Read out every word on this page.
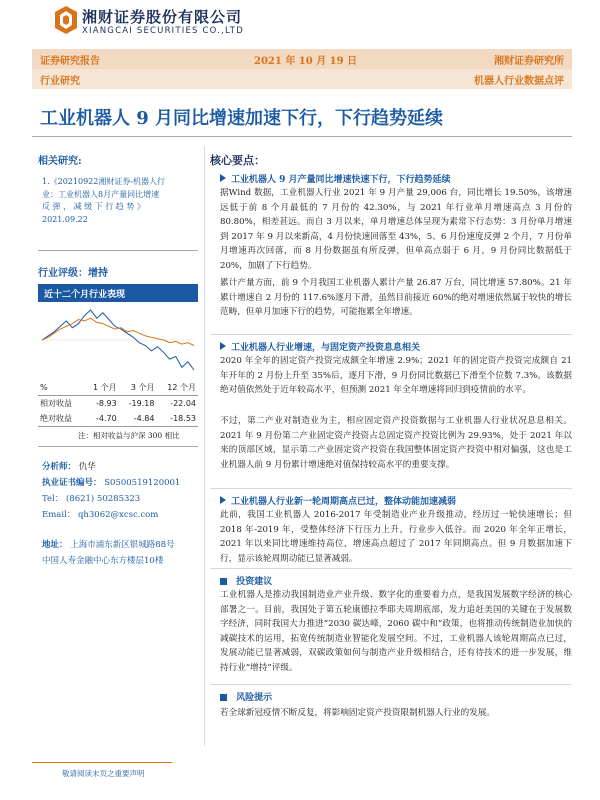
湘财证券股份有限公司
XIANGCAI SECURITIES CO.,LTD
证券研究报告	2021 年 10 月 19 日	湘财证券研究所
行业研究	机器人行业数据点评
工业机器人 9 月同比增速加速下行，下行趋势延续
相关研究:

1.《20210922湘财证券-机器人行

业：工业机器人8月产量同比增速

反 弹 ， 减 缓 下 行 趋 势 》

2021.09.22

行业评级：增持
近十二个月行业表现
%	1 个月	3 个月	12 个月
相对收益	-8.93	-19.18	-22.04
绝对收益	-4.70	-4.84	-18.53
注：相对收益与沪深 300 相比
分析师： 仇华
执业证书编号： S0500519120001
Tel： (8621) 50285323
Email： qh3062@xcsc.com
地址： 上海市浦东新区银城路88号
中国人寿金融中心东方楼层10楼
核心要点：
工业机器人 9 月产量同比增速快速下行，下行趋势延续

据Wind 数据，工业机器人行业 2021 年 9 月产量 29,006 台，同比增长 19.50%，该增速远低于前 8 个月最低的 7 月份的 42.30%，与 2021 年行业单月增速高点 3 月份的 80.80%，相差甚远。而自 3 月以来，单月增速总体呈现为素常下行态势：3 月份单月增速到 2017 年 9 月以来新高，4 月份快速回落至 43%，5、6 月份速度反弹 2 个月，7 月份单月增速再次回落，而 8 月份数据虽有所反弹，但单高点弱于 6 月，9 月份同比数据低于 20%，加剧了下行趋势。

累计产量方面，前 9 个月我国工业机器人累计产量 26.87 万台，同比增速 57.80%。21 年累计增速自 2 月份的 117.6%逐月下滑，虽然目前接近 60%的绝对增速依然属于较快的增长范畴，但单月加速下行的趋势，可能拖累全年增速。

工业机器人行业增速，与固定资产投资息息相关

2020 年全年的固定资产投资完成额全年增速 2.9%；2021 年的固定资产投资完成额自 21 年开年的 2 月份上升至 35%后，逐月下滑，9 月份同比数据已下滑至个位数 7.3%。该数据绝对值依然处于近年较高水平，但预测 2021 年全年增速将回归到疫情前的水平。

不过，第二产业对制造业为主，相应固定资产投资数据与工业机器人行业状况息息相关。2021 年 9 月份第二产业固定资产投资占总固定资产投资比例为 29.93%，处于 2021 年以来的顶部区域，显示第二产业固定资产投资在我国整体固定资产投资中相对偏强，这也是工业机器人前 9 月份累计增速绝对值保持较高水平的重要支撑。

工业机器人行业新一轮周期高点已过，整体动能加速减弱

此前，我国工业机器人 2016-2017 年受制造业产业升级推动，经历过一轮快速增长；但 2018 年-2019 年，受整体经济下行压力上升，行业步入低谷。而 2020 年全年正增长，2021 年以来同比增速维持高位，增速高点超过了 2017 年同期高点。但 9 月数据加速下行，显示该轮周期动能已显著减弱。

投资建议

工业机器人是推动我国制造业产业升级、数字化的重要着力点，是我国发展数字经济的核心部署之一。目前，我国处于第五轮康德拉季耶夫周期底部，发力追赶美国的关键在于发展数字经济，同时我国大力推进“2030 碳达峰，2060 碳中和”政策，也将推动传统制造业加快的减碳技术的运用，拓宽传统制造业智能化发展空间。不过，工业机器人该轮周期高点已过，发展动能已显著减弱，双碳政策如何与制造产业升级相结合，还有待技术的进一步发展，维持行业“增持”评级。

风险提示

若全球新冠疫情不断反复，将影响固定资产投资限制机器人行业的发展。

敬请阅读末页之重要声明
